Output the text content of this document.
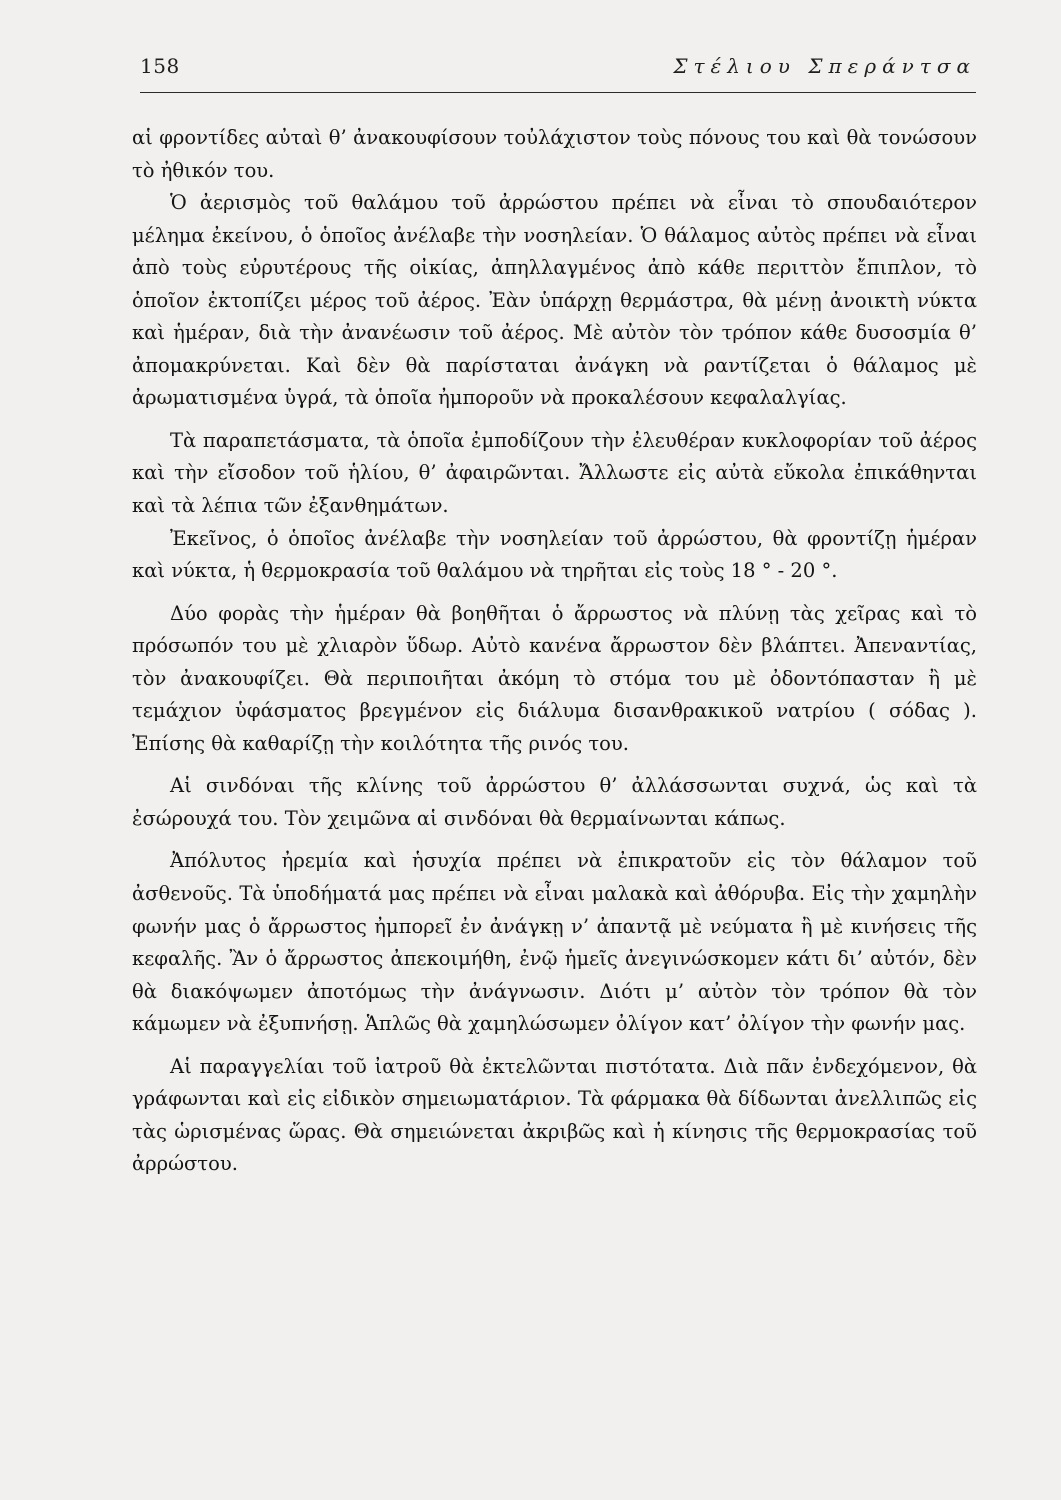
158	Στέλιου Σπεράντσα

αἱ φροντίδες αὐταὶ θ’ ἀνακουφίσουν τοὐλάχιστον τοὺς πόνους του καὶ θὰ τονώσουν τὸ ἠθικόν του.

Ὁ ἀερισμὸς τοῦ θαλάμου τοῦ ἀρρώστου πρέπει νὰ εἶναι τὸ σπουδαιότερον μέλημα ἐκείνου, ὁ ὁποῖος ἀνέλαβε τὴν νοσηλείαν. Ὁ θάλαμος αὐτὸς πρέπει νὰ εἶναι ἀπὸ τοὺς εὐρυτέρους τῆς οἰκίας, ἀπηλλαγμένος ἀπὸ κάθε περιττὸν ἔπιπλον, τὸ ὁποῖον ἐκτοπίζει μέρος τοῦ ἀέρος. Ἐὰν ὑπάρχῃ θερμάστρα, θὰ μένῃ ἀνοικτὴ νύκτα καὶ ἡμέραν, διὰ τὴν ἀνανέωσιν τοῦ ἀέρος. Μὲ αὐτὸν τὸν τρόπον κάθε δυσοσμία θ’ ἀπομακρύνεται. Καὶ δὲν θὰ παρίσταται ἀνάγκη νὰ ραντίζεται ὁ θάλαμος μὲ ἀρωματισμένα ὑγρά, τὰ ὁποῖα ἠμποροῦν νὰ προκαλέσουν κεφαλαλγίας.

Τὰ παραπετάσματα, τὰ ὁποῖα ἐμποδίζουν τὴν ἐλευθέραν κυκλοφορίαν τοῦ ἀέρος καὶ τὴν εἴσοδον τοῦ ἡλίου, θ’ ἀφαιρῶνται. Ἄλλωστε εἰς αὐτὰ εὔκολα ἐπικάθηνται καὶ τὰ λέπια τῶν ἐξανθημάτων.

Ἐκεῖνος, ὁ ὁποῖος ἀνέλαβε τὴν νοσηλείαν τοῦ ἀρρώστου, θὰ φροντίζῃ ἡμέραν καὶ νύκτα, ἡ θερμοκρασία τοῦ θαλάμου νὰ τηρῆται εἰς τοὺς 18 ° - 20 °.

Δύο φορὰς τὴν ἡμέραν θὰ βοηθῆται ὁ ἄρρωστος νὰ πλύνῃ τὰς χεῖρας καὶ τὸ πρόσωπόν του μὲ χλιαρὸν ὕδωρ. Αὐτὸ κανένα ἄρρωστον δὲν βλάπτει. Ἀπεναντίας, τὸν ἀνακουφίζει. Θὰ περιποιῆται ἀκόμη τὸ στόμα του μὲ ὀδοντόπασταν ἢ μὲ τεμάχιον ὑφάσματος βρεγμένον εἰς διάλυμα δισανθρακικοῦ νατρίου ( σόδας ). Ἐπίσης θὰ καθαρίζῃ τὴν κοιλότητα τῆς ρινός του.

Αἱ σινδόναι τῆς κλίνης τοῦ ἀρρώστου θ’ ἀλλάσσωνται συχνά, ὡς καὶ τὰ ἐσώρουχά του. Τὸν χειμῶνα αἱ σινδόναι θὰ θερμαίνωνται κάπως.

Ἀπόλυτος ἠρεμία καὶ ἡσυχία πρέπει νὰ ἐπικρατοῦν εἰς τὸν θάλαμον τοῦ ἀσθενοῦς. Τὰ ὑποδήματά μας πρέπει νὰ εἶναι μαλακὰ καὶ ἀθόρυβα. Εἰς τὴν χαμηλὴν φωνήν μας ὁ ἄρρωστος ἠμπορεῖ ἐν ἀνάγκῃ ν’ ἀπαντᾷ μὲ νεύματα ἢ μὲ κινήσεις τῆς κεφαλῆς. Ἂν ὁ ἄρρωστος ἀπεκοιμήθη, ἐνῷ ἡμεῖς ἀνεγινώσκομεν κάτι δι’ αὐτόν, δὲν θὰ διακόψωμεν ἀποτόμως τὴν ἀνάγνωσιν. Διότι μ’ αὐτὸν τὸν τρόπον θὰ τὸν κάμωμεν νὰ ἐξυπνήσῃ. Ἁπλῶς θὰ χαμηλώσωμεν ὀλίγον κατ’ ὀλίγον τὴν φωνήν μας.

Αἱ παραγγελίαι τοῦ ἰατροῦ θὰ ἐκτελῶνται πιστότατα. Διὰ πᾶν ἐνδεχόμενον, θὰ γράφωνται καὶ εἰς εἰδικὸν σημειωματάριον. Τὰ φάρμακα θὰ δίδωνται ἀνελλιπῶς εἰς τὰς ὡρισμένας ὥρας. Θὰ σημειώνεται ἀκριβῶς καὶ ἡ κίνησις τῆς θερμοκρασίας τοῦ ἀρρώστου.
